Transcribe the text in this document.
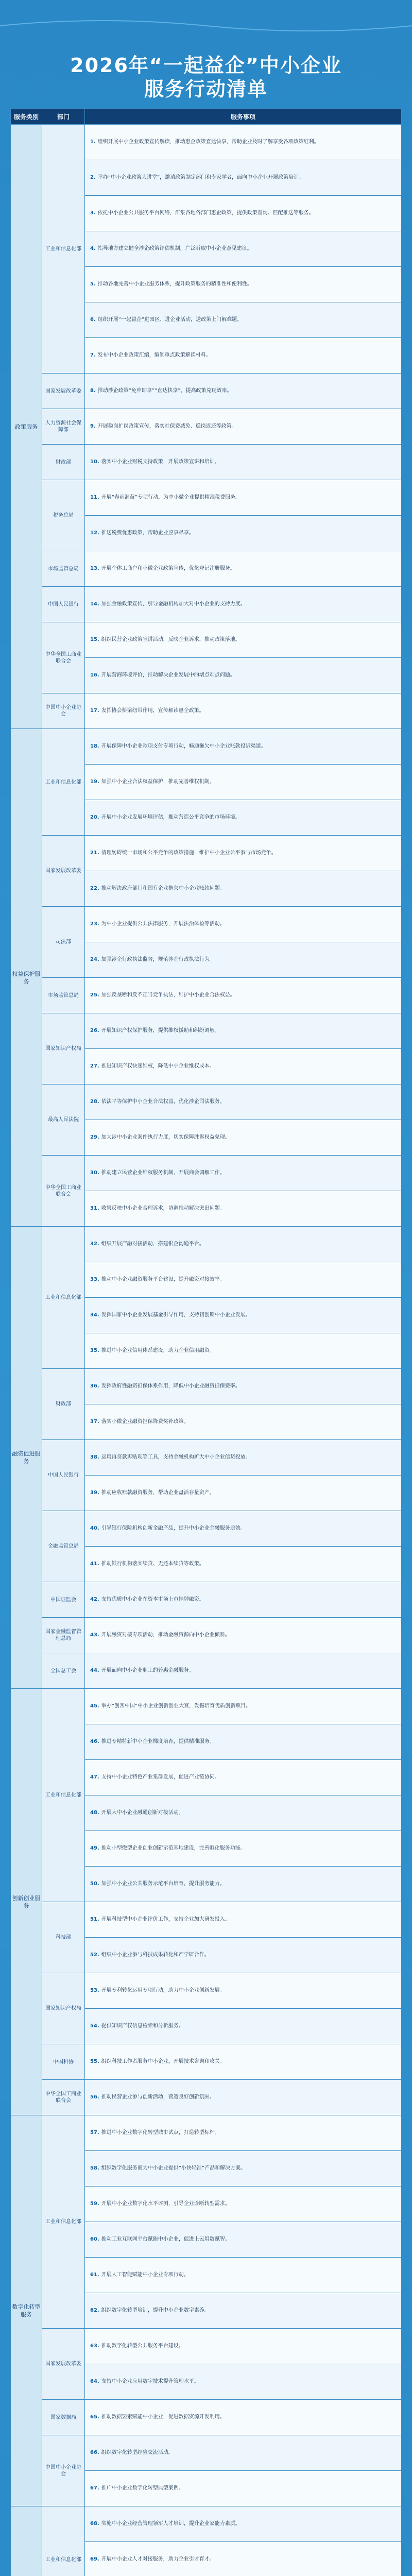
2026年“一起益企”中小企业
服务行动清单
服务类别	部门	服务事项
政策服务	工业和信息化部	1. 组织开展中小企业政策宣传解读，推动惠企政策直达快享，帮助企业及时了解享受各项政策红利。
		2. 举办“中小企业政策大讲堂”，邀请政策制定部门和专家学者，面向中小企业开展政策培训。
		3. 依托中小企业公共服务平台网络，汇集各地各部门惠企政策，提供政策查询、匹配推送等服务。
		4. 指导地方建立健全涉企政策评估机制，广泛听取中小企业意见建议。
		5. 推动各地完善中小企业服务体系，提升政策服务的精准性和便利性。
		6. 组织开展“一起益企”进园区、进企业活动，送政策上门解难题。
		7. 发布中小企业政策汇编，编制重点政策解读材料。
	国家发展改革委	8. 推动涉企政策“免申即享”“直达快享”，提高政策兑现效率。
	人力资源社会保障部	9. 开展稳岗扩岗政策宣传，落实社保费减免、稳岗返还等政策。
	财政部	10. 落实中小企业财税支持政策，开展政策宣讲和培训。
	税务总局	11. 开展“春雨润苗”专项行动，为中小微企业提供精准税费服务。
		12. 推送税费优惠政策，帮助企业应享尽享。
	市场监管总局	13. 开展个体工商户和小微企业政策宣传，优化登记注册服务。
	中国人民银行	14. 加强金融政策宣传，引导金融机构加大对中小企业的支持力度。
	中华全国工商业联合会	15. 组织民营企业政策宣讲活动，反映企业诉求，推动政策落地。
		16. 开展营商环境评价，推动解决企业发展中的堵点难点问题。
	中国中小企业协会	17. 发挥协会桥梁纽带作用，宣传解读惠企政策。
权益保护服务	工业和信息化部	18. 开展保障中小企业款项支付专项行动，畅通拖欠中小企业账款投诉渠道。
		19. 加强中小企业合法权益保护，推动完善维权机制。
		20. 开展中小企业发展环境评估，推动营造公平竞争的市场环境。
	国家发展改革委	21. 清理妨碍统一市场和公平竞争的政策措施，维护中小企业公平参与市场竞争。
		22. 推动解决政府部门和国有企业拖欠中小企业账款问题。
	司法部	23. 为中小企业提供公共法律服务，开展法治体检等活动。
		24. 加强涉企行政执法监督，规范涉企行政执法行为。
	市场监管总局	25. 加强反垄断和反不正当竞争执法，维护中小企业合法权益。
	国家知识产权局	26. 开展知识产权保护服务，提供维权援助和纠纷调解。
		27. 推进知识产权快速维权，降低中小企业维权成本。
	最高人民法院	28. 依法平等保护中小企业合法权益，优化涉企司法服务。
		29. 加大涉中小企业案件执行力度，切实保障胜诉权益兑现。
	中华全国工商业联合会	30. 推动建立民营企业维权服务机制，开展商会调解工作。
		31. 收集反映中小企业合理诉求，协调推动解决突出问题。
融资促进服务	工业和信息化部	32. 组织开展产融对接活动，搭建银企沟通平台。
		33. 推动中小企业融资服务平台建设，提升融资对接效率。
		34. 发挥国家中小企业发展基金引导作用，支持初创期中小企业发展。
		35. 推进中小企业信用体系建设，助力企业信用融资。
	财政部	36. 发挥政府性融资担保体系作用，降低中小企业融资担保费率。
		37. 落实小微企业融资担保降费奖补政策。
	中国人民银行	38. 运用再贷款再贴现等工具，支持金融机构扩大中小企业信贷投放。
		39. 推动应收账款融资服务，帮助企业盘活存量资产。
	金融监管总局	40. 引导银行保险机构创新金融产品，提升中小企业金融服务质效。
		41. 推动银行机构落实续贷、无还本续贷等政策。
	中国证监会	42. 支持优质中小企业在资本市场上市挂牌融资。
	国家金融监督管理总局	43. 开展融资对接专项活动，推动金融资源向中小企业倾斜。
	全国总工会	44. 开展面向中小企业职工的普惠金融服务。
创新创业服务	工业和信息化部	45. 举办“创客中国”中小企业创新创业大赛，发掘培育优质创新项目。
		46. 推进专精特新中小企业梯度培育，提供精准服务。
		47. 支持中小企业特色产业集群发展，促进产业链协同。
		48. 开展大中小企业融通创新对接活动。
		49. 推动小型微型企业创业创新示范基地建设，完善孵化服务功能。
		50. 加强中小企业公共服务示范平台培育，提升服务能力。
	科技部	51. 开展科技型中小企业评价工作，支持企业加大研发投入。
		52. 组织中小企业参与科技成果转化和产学研合作。
	国家知识产权局	53. 开展专利转化运用专项行动，助力中小企业创新发展。
		54. 提供知识产权信息检索和分析服务。
	中国科协	55. 组织科技工作者服务中小企业，开展技术咨询和攻关。
	中华全国工商业联合会	56. 推动民营企业参与创新活动，营造良好创新氛围。
数字化转型服务	工业和信息化部	57. 推进中小企业数字化转型城市试点，打造转型标杆。
		58. 组织数字化服务商为中小企业提供“小快轻准”产品和解决方案。
		59. 开展中小企业数字化水平评测，引导企业诊断转型需求。
		60. 推动工业互联网平台赋能中小企业，促进上云用数赋智。
		61. 开展人工智能赋能中小企业专项行动。
		62. 组织数字化转型培训，提升中小企业数字素养。
	国家发展改革委	63. 推动数字化转型公共服务平台建设。
		64. 支持中小企业应用数字技术提升管理水平。
	国家数据局	65. 推动数据要素赋能中小企业，促进数据资源开发利用。
	中国中小企业协会	66. 组织数字化转型经验交流活动。
		67. 推广中小企业数字化转型典型案例。
	工业和信息化部	68. 实施中小企业经营管理领军人才培训，提升企业家能力素质。
		69. 开展中小企业人才对接服务，助力企业引才育才。
